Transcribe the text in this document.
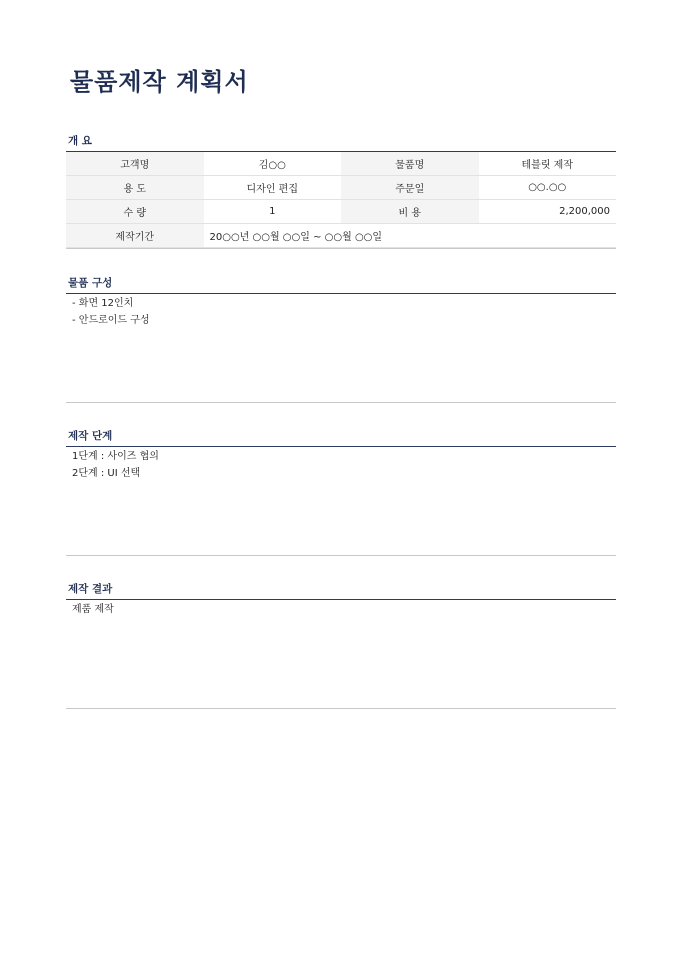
물품제작 계획서
개 요
고객명	김○○	물품명	테블릿 제작
용 도	디자인 편집	주문일	○○.○○
수 량	1	비 용	2,200,000
제작기간	20○○년 ○○월 ○○일 ~ ○○월 ○○일		
물품 구성
- 화면 12인치
- 안드로이드 구성
제작 단계
1단계 : 사이즈 협의
2단계 : UI 선택
제작 결과
제품 제작
